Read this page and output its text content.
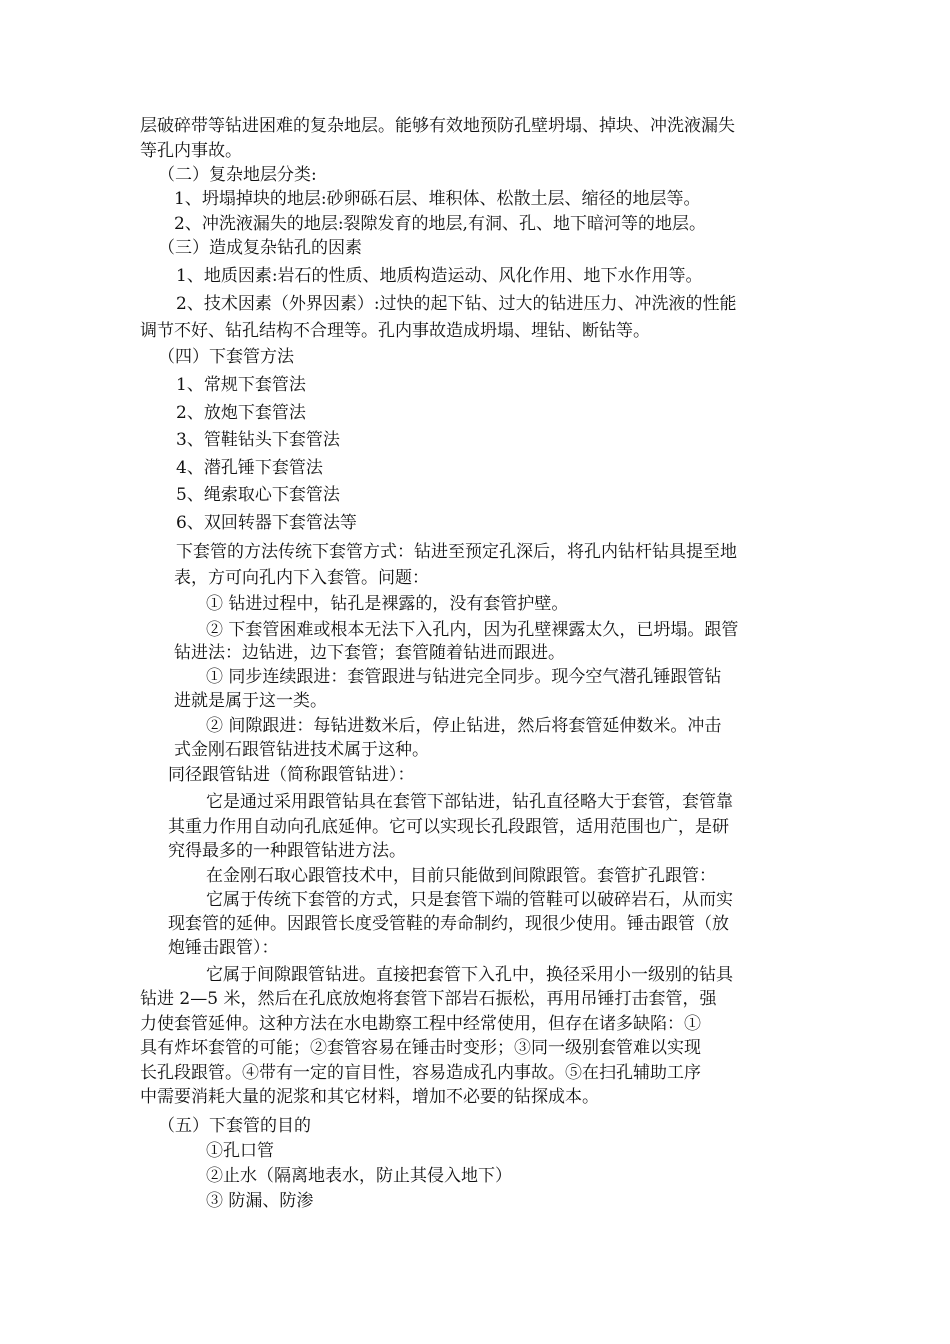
层破碎带等钻进困难的复杂地层。能够有效地预防孔壁坍塌、掉块、冲洗液漏失
等孔内事故。
（二）复杂地层分类:
1、坍塌掉块的地层:砂卵砾石层、堆积体、松散土层、缩径的地层等。
2、冲洗液漏失的地层:裂隙发育的地层,有洞、孔、地下暗河等的地层。
（三）造成复杂钻孔的因素
1、地质因素:岩石的性质、地质构造运动、风化作用、地下水作用等。
2、技术因素（外界因素）:过快的起下钻、过大的钻进压力、冲洗液的性能
调节不好、钻孔结构不合理等。孔内事故造成坍塌、埋钻、断钻等。
（四）下套管方法
1、常规下套管法
2、放炮下套管法
3、管鞋钻头下套管法
4、潜孔锤下套管法
5、绳索取心下套管法
6、双回转器下套管法等
下套管的方法传统下套管方式：钻进至预定孔深后，将孔内钻杆钻具提至地
表，方可向孔内下入套管。问题：
① 钻进过程中，钻孔是裸露的，没有套管护壁。
② 下套管困难或根本无法下入孔内，因为孔壁裸露太久，已坍塌。跟管
钻进法：边钻进，边下套管；套管随着钻进而跟进。
① 同步连续跟进：套管跟进与钻进完全同步。现今空气潜孔锤跟管钻
进就是属于这一类。
② 间隙跟进：每钻进数米后，停止钻进，然后将套管延伸数米。冲击
式金刚石跟管钻进技术属于这种。
同径跟管钻进（简称跟管钻进）：
它是通过采用跟管钻具在套管下部钻进，钻孔直径略大于套管，套管靠
其重力作用自动向孔底延伸。它可以实现长孔段跟管，适用范围也广，是研
究得最多的一种跟管钻进方法。
在金刚石取心跟管技术中，目前只能做到间隙跟管。套管扩孔跟管：
它属于传统下套管的方式，只是套管下端的管鞋可以破碎岩石，从而实
现套管的延伸。因跟管长度受管鞋的寿命制约，现很少使用。锤击跟管（放
炮锤击跟管）：
它属于间隙跟管钻进。直接把套管下入孔中，换径采用小一级别的钻具
钻进 2—5 米，然后在孔底放炮将套管下部岩石振松，再用吊锤打击套管，强
力使套管延伸。这种方法在水电勘察工程中经常使用，但存在诸多缺陷：①
具有炸坏套管的可能；②套管容易在锤击时变形；③同一级别套管难以实现
长孔段跟管。④带有一定的盲目性，容易造成孔内事故。⑤在扫孔辅助工序
中需要消耗大量的泥浆和其它材料，增加不必要的钻探成本。
（五）下套管的目的
①孔口管
②止水（隔离地表水，防止其侵入地下）
③ 防漏、防渗
